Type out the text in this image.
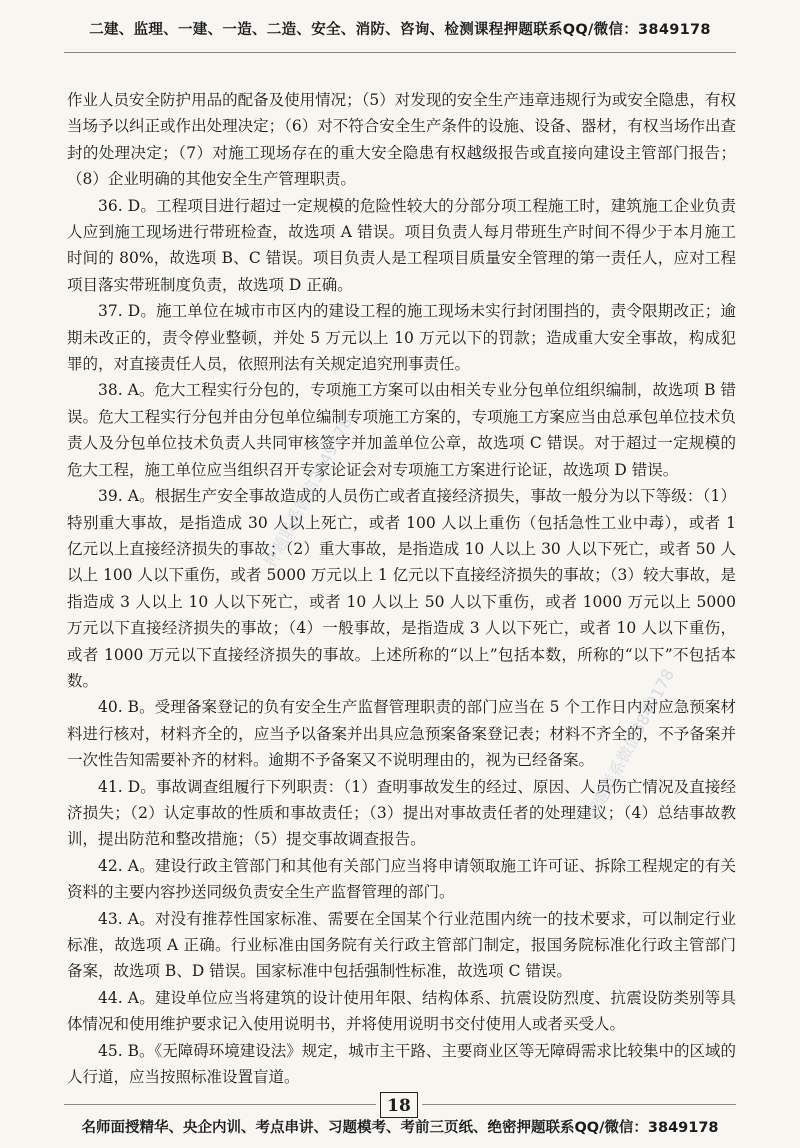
二建、监理、一建、一造、二造、安全、消防、咨询、检测课程押题联系QQ/微信：3849178

作业人员安全防护用品的配备及使用情况；（5）对发现的安全生产违章违规行为或安全隐患，有权当场予以纠正或作出处理决定；（6）对不符合安全生产条件的设施、设备、器材，有权当场作出查封的处理决定；（7）对施工现场存在的重大安全隐患有权越级报告或直接向建设主管部门报告；（8）企业明确的其他安全生产管理职责。

36. D。工程项目进行超过一定规模的危险性较大的分部分项工程施工时，建筑施工企业负责人应到施工现场进行带班检查，故选项 A 错误。项目负责人每月带班生产时间不得少于本月施工时间的 80%，故选项 B、C 错误。项目负责人是工程项目质量安全管理的第一责任人，应对工程项目落实带班制度负责，故选项 D 正确。

37. D。施工单位在城市市区内的建设工程的施工现场未实行封闭围挡的，责令限期改正；逾期未改正的，责令停业整顿，并处 5 万元以上 10 万元以下的罚款；造成重大安全事故，构成犯罪的，对直接责任人员，依照刑法有关规定追究刑事责任。

38. A。危大工程实行分包的，专项施工方案可以由相关专业分包单位组织编制，故选项 B 错误。危大工程实行分包并由分包单位编制专项施工方案的，专项施工方案应当由总承包单位技术负责人及分包单位技术负责人共同审核签字并加盖单位公章，故选项 C 错误。对于超过一定规模的危大工程，施工单位应当组织召开专家论证会对专项施工方案进行论证，故选项 D 错误。

39. A。根据生产安全事故造成的人员伤亡或者直接经济损失，事故一般分为以下等级：（1）特别重大事故，是指造成 30 人以上死亡，或者 100 人以上重伤（包括急性工业中毒），或者 1 亿元以上直接经济损失的事故；（2）重大事故，是指造成 10 人以上 30 人以下死亡，或者 50 人以上 100 人以下重伤，或者 5000 万元以上 1 亿元以下直接经济损失的事故；（3）较大事故，是指造成 3 人以上 10 人以下死亡，或者 10 人以上 50 人以下重伤，或者 1000 万元以上 5000 万元以下直接经济损失的事故；（4）一般事故，是指造成 3 人以下死亡，或者 10 人以下重伤，或者 1000 万元以下直接经济损失的事故。上述所称的“以上”包括本数，所称的“以下”不包括本数。

40. B。受理备案登记的负有安全生产监督管理职责的部门应当在 5 个工作日内对应急预案材料进行核对，材料齐全的，应当予以备案并出具应急预案备案登记表；材料不齐全的，不予备案并一次性告知需要补齐的材料。逾期不予备案又不说明理由的，视为已经备案。

41. D。事故调查组履行下列职责：（1）查明事故发生的经过、原因、人员伤亡情况及直接经济损失；（2）认定事故的性质和事故责任；（3）提出对事故责任者的处理建议；（4）总结事故教训，提出防范和整改措施；（5）提交事故调查报告。

42. A。建设行政主管部门和其他有关部门应当将申请领取施工许可证、拆除工程规定的有关资料的主要内容抄送同级负责安全生产监督管理的部门。

43. A。对没有推荐性国家标准、需要在全国某个行业范围内统一的技术要求，可以制定行业标准，故选项 A 正确。行业标准由国务院有关行政主管部门制定，报国务院标准化行政主管部门备案，故选项 B、D 错误。国家标准中包括强制性标准，故选项 C 错误。

44. A。建设单位应当将建筑的设计使用年限、结构体系、抗震设防烈度、抗震设防类别等具体情况和使用维护要求记入使用说明书，并将使用说明书交付使用人或者买受人。

45. B。《无障碍环境建设法》规定，城市主干路、主要商业区等无障碍需求比较集中的区域的人行道，应当按照标准设置盲道。

押题联系微信3849178
押题联系微信3849178
18
名师面授精华、央企内训、考点串讲、习题模考、考前三页纸、绝密押题联系QQ/微信：3849178
